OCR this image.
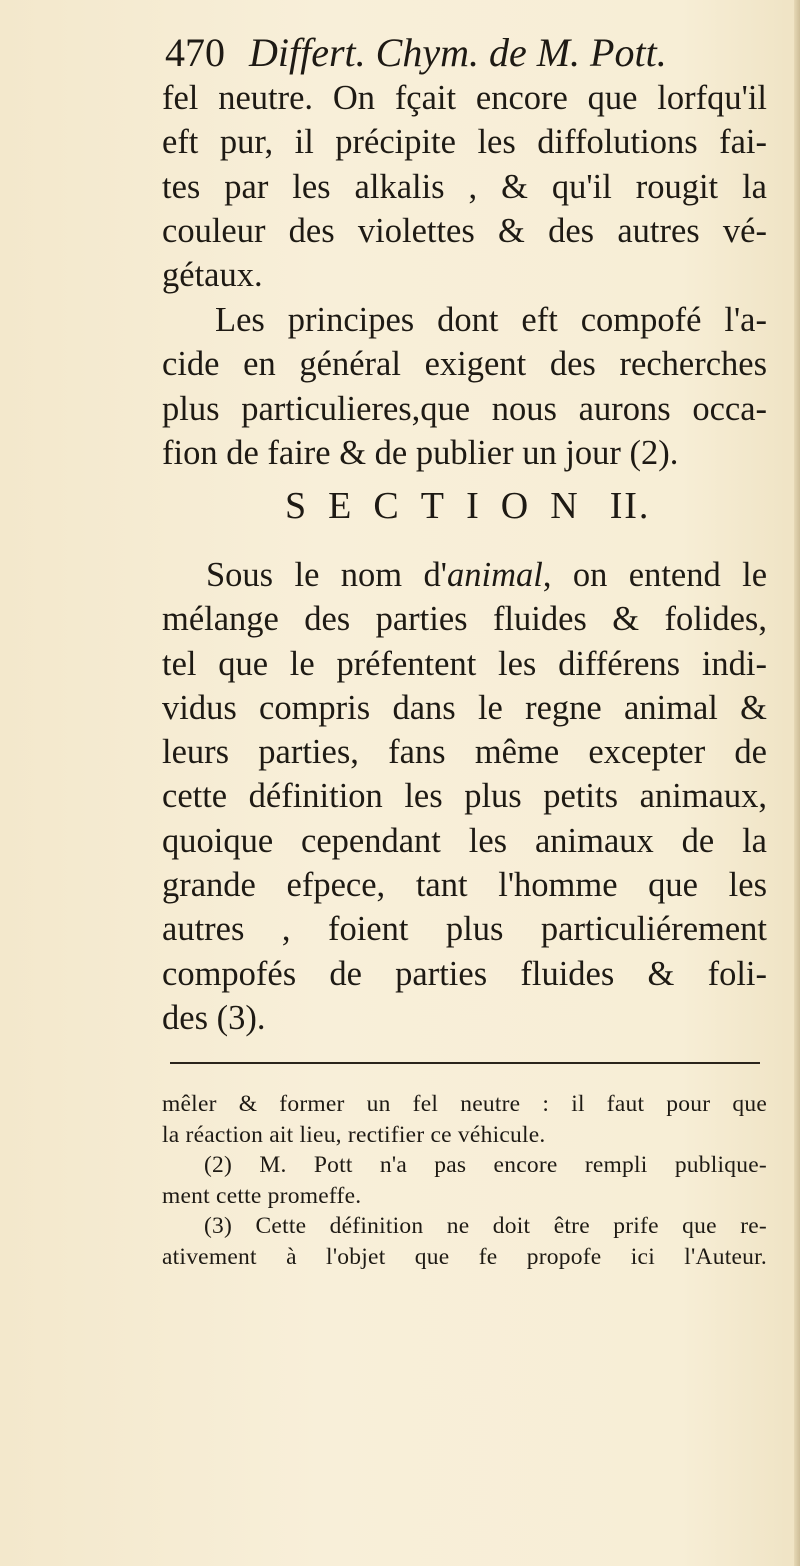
470 Differt. Chym. de M. Pott.
fel neutre. On fçait encore que lorfqu'il
eft pur, il précipite les diffolutions fai-
tes par les alkalis , & qu'il rougit la
couleur des violettes & des autres vé-
gétaux.
Les principes dont eft compofé l'a-
cide en général exigent des recherches
plus particulieres,que nous aurons occa-
fion de faire & de publier un jour (2).
SECTION II.
Sous le nom d'animal, on entend le
mélange des parties fluides & folides,
tel que le préfentent les différens indi-
vidus compris dans le regne animal &
leurs parties, fans même excepter de
cette définition les plus petits animaux,
quoique cependant les animaux de la
grande efpece, tant l'homme que les
autres , foient plus particuliérement
compofés de parties fluides & foli-
des (3).
mêler & former un fel neutre : il faut pour que
la réaction ait lieu, rectifier ce véhicule.
(2) M. Pott n'a pas encore rempli publique-
ment cette promeffe.
(3) Cette définition ne doit être prife que re-
ativement à l'objet que fe propofe ici l'Auteur.
